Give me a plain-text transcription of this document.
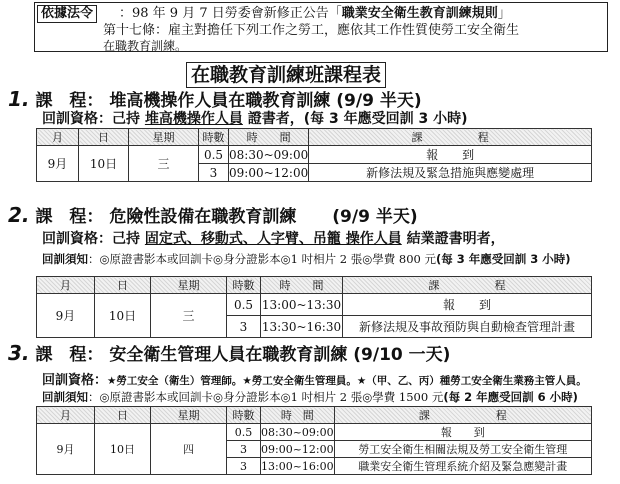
依據法令	：98 年 9 月 7 日勞委會新修正公告「職業安全衛生教育訓練規則」
第十七條：雇主對擔任下列工作之勞工，應依其工作性質使勞工安全衛生
在職教育訓練。
在職教育訓練班課程表
1. 課　程： 堆高機操作人員在職教育訓練 (9/9 半天)
回訓資格：己持 堆高機操作人員 證書者，(每 3 年應受回訓 3 小時)
月	日	星期	時數	時　　間	課　　　　　程
9月	10日	三	0.5	08:30~09:00	報　　到
			3	09:00~12:00	新修法規及緊急措施與應變處理
2. 課　程： 危險性設備在職教育訓練 (9/9 半天)
回訓資格：己持 固定式、移動式、人字臂、吊籠 操作人員 結業證書明者，
回訓須知：◎原證書影本或回訓卡◎身分證影本◎1 吋相片 2 張◎學費 800 元(每 3 年應受回訓 3 小時)
月	日	星期	時數	時　　間	課　　　　　程
9月	10日	三	0.5	13:00~13:30	報　　到
			3	13:30~16:30	新修法規及事故預防與自動檢查管理計畫
3. 課　程： 安全衛生管理人員在職教育訓練 (9/10 一天)
回訓資格：★勞工安全（衛生）管理師。★勞工安全衛生管理員。★（甲、乙、丙）種勞工安全衛生業務主管人員。
回訓須知：◎原證書影本或回訓卡◎身分證影本◎1 吋相片 2 張◎學費 1500 元(每 2 年應受回訓 6 小時)
月	日	星期	時數	時　間	課　　　　　　程
9月	10日	四	0.5	08:30~09:00	報　　到
			3	09:00~12:00	勞工安全衛生相關法規及勞工安全衛生管理
			3	13:00~16:00	職業安全衛生管理系統介紹及緊急應變計畫
